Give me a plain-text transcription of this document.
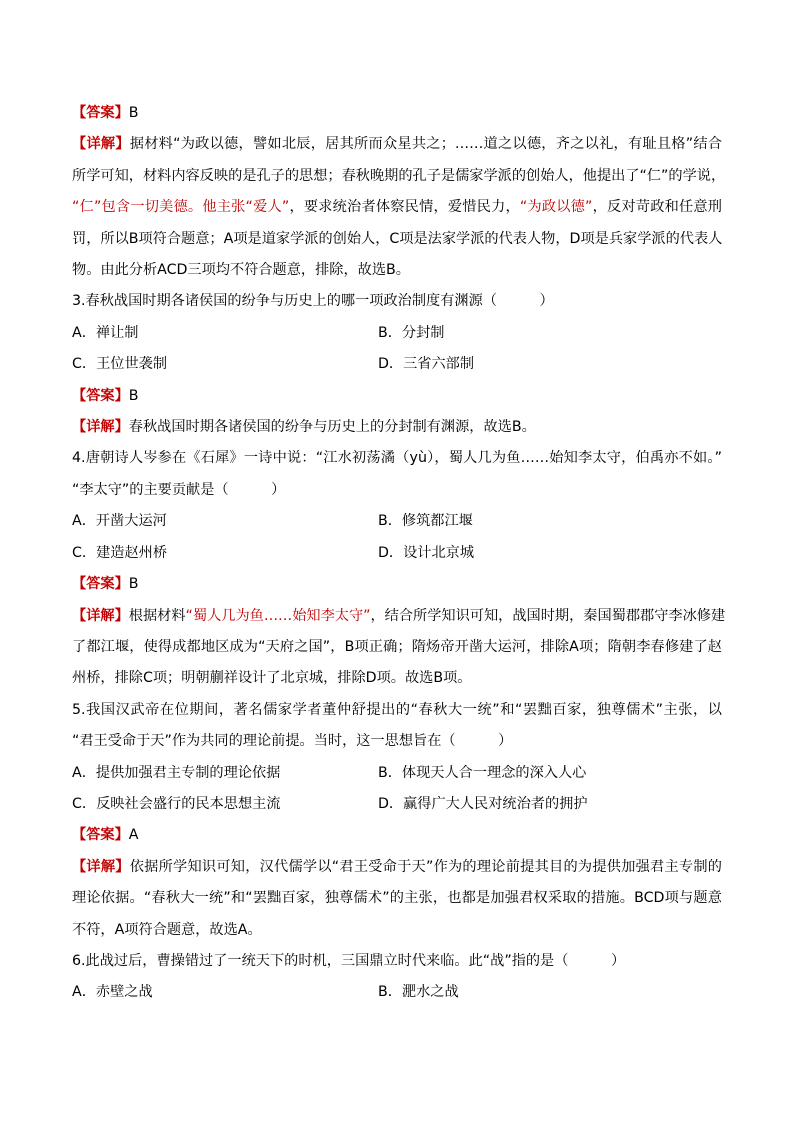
【答案】B
【详解】据材料“为政以德，譬如北辰，居其所而众星共之；……道之以德，齐之以礼，有耻且格”结合
所学可知，材料内容反映的是孔子的思想；春秋晚期的孔子是儒家学派的创始人，他提出了“仁”的学说，
“仁”包含一切美德。他主张“爱人”，要求统治者体察民情，爱惜民力，“为政以德”，反对苛政和任意刑
罚，所以B项符合题意；A项是道家学派的创始人，C项是法家学派的代表人物，D项是兵家学派的代表人
物。由此分析ACD三项均不符合题意，排除，故选B。
3.春秋战国时期各诸侯国的纷争与历史上的哪一项政治制度有渊源（　　　）
A．禅让制	B．分封制
C．王位世袭制	D．三省六部制
【答案】B
【详解】春秋战国时期各诸侯国的纷争与历史上的分封制有渊源，故选B。
4.唐朝诗人岑参在《石犀》一诗中说：“江水初荡潏（yù），蜀人几为鱼……始知李太守，伯禹亦不如。”
“李太守”的主要贡献是（　　　）
A．开凿大运河	B．修筑都江堰
C．建造赵州桥	D．设计北京城
【答案】B
【详解】根据材料“蜀人几为鱼……始知李太守”，结合所学知识可知，战国时期，秦国蜀郡郡守李冰修建
了都江堰，使得成都地区成为“天府之国”，B项正确；隋炀帝开凿大运河，排除A项；隋朝李春修建了赵
州桥，排除C项；明朝蒯祥设计了北京城，排除D项。故选B项。
5.我国汉武帝在位期间，著名儒家学者董仲舒提出的“春秋大一统”和“罢黜百家，独尊儒术”主张，以
“君王受命于天”作为共同的理论前提。当时，这一思想旨在（　　　）
A．提供加强君主专制的理论依据	B．体现天人合一理念的深入人心
C．反映社会盛行的民本思想主流	D．赢得广大人民对统治者的拥护
【答案】A
【详解】依据所学知识可知，汉代儒学以“君王受命于天”作为的理论前提其目的为提供加强君主专制的
理论依据。“春秋大一统”和“罢黜百家，独尊儒术”的主张，也都是加强君权采取的措施。BCD项与题意
不符，A项符合题意，故选A。
6.此战过后，曹操错过了一统天下的时机，三国鼎立时代来临。此“战”指的是（　　　）
A．赤壁之战	B．淝水之战
